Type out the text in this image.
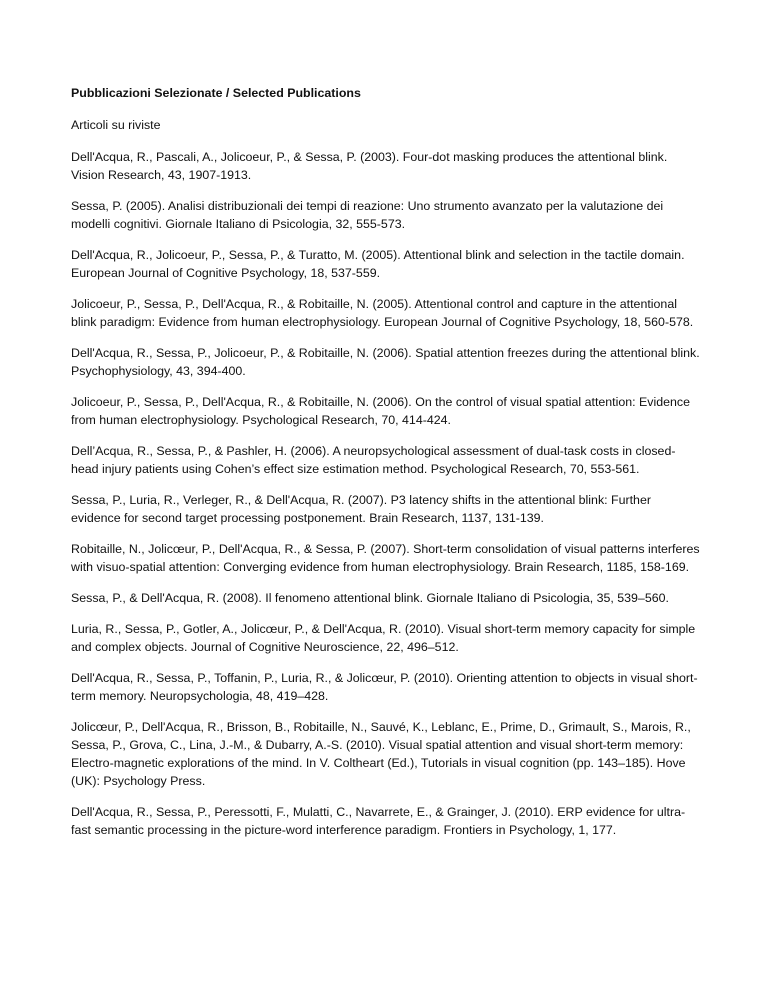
Pubblicazioni Selezionate / Selected Publications
Articoli su riviste

Dell'Acqua, R., Pascali, A., Jolicoeur, P., & Sessa, P. (2003). Four-dot masking produces the attentional blink. Vision Research, 43, 1907-1913.

Sessa, P. (2005). Analisi distribuzionali dei tempi di reazione: Uno strumento avanzato per la valutazione dei modelli cognitivi. Giornale Italiano di Psicologia, 32, 555-573.

Dell'Acqua, R., Jolicoeur, P., Sessa, P., & Turatto, M. (2005). Attentional blink and selection in the tactile domain. European Journal of Cognitive Psychology, 18, 537-559.

Jolicoeur, P., Sessa, P., Dell'Acqua, R., & Robitaille, N. (2005). Attentional control and capture in the attentional blink paradigm: Evidence from human electrophysiology. European Journal of Cognitive Psychology, 18, 560-578.

Dell'Acqua, R., Sessa, P., Jolicoeur, P., & Robitaille, N. (2006). Spatial attention freezes during the attentional blink. Psychophysiology, 43, 394-400.

Jolicoeur, P., Sessa, P., Dell'Acqua, R., & Robitaille, N. (2006). On the control of visual spatial attention: Evidence from human electrophysiology. Psychological Research, 70, 414-424.

Dell’Acqua, R., Sessa, P., & Pashler, H. (2006). A neuropsychological assessment of dual-task costs in closed-head injury patients using Cohen’s effect size estimation method. Psychological Research, 70, 553-561.

Sessa, P., Luria, R., Verleger, R., & Dell'Acqua, R. (2007). P3 latency shifts in the attentional blink: Further evidence for second target processing postponement. Brain Research, 1137, 131-139.

Robitaille, N., Jolicœur, P., Dell'Acqua, R., & Sessa, P. (2007). Short-term consolidation of visual patterns interferes with visuo-spatial attention: Converging evidence from human electrophysiology. Brain Research, 1185, 158-169.

Sessa, P., & Dell'Acqua, R. (2008). Il fenomeno attentional blink. Giornale Italiano di Psicologia, 35, 539–560.

Luria, R., Sessa, P., Gotler, A., Jolicœur, P., & Dell'Acqua, R. (2010). Visual short-term memory capacity for simple and complex objects. Journal of Cognitive Neuroscience, 22, 496–512.

Dell'Acqua, R., Sessa, P., Toffanin, P., Luria, R., & Jolicœur, P. (2010). Orienting attention to objects in visual short-term memory. Neuropsychologia, 48, 419–428.

Jolicœur, P., Dell'Acqua, R., Brisson, B., Robitaille, N., Sauvé, K., Leblanc, E., Prime, D., Grimault, S., Marois, R., Sessa, P., Grova, C., Lina, J.-M., & Dubarry, A.-S. (2010). Visual spatial attention and visual short-term memory: Electro-magnetic explorations of the mind. In V. Coltheart (Ed.), Tutorials in visual cognition (pp. 143–185). Hove (UK): Psychology Press.

Dell'Acqua, R., Sessa, P., Peressotti, F., Mulatti, C., Navarrete, E., & Grainger, J. (2010). ERP evidence for ultra-fast semantic processing in the picture-word interference paradigm. Frontiers in Psychology, 1, 177.
